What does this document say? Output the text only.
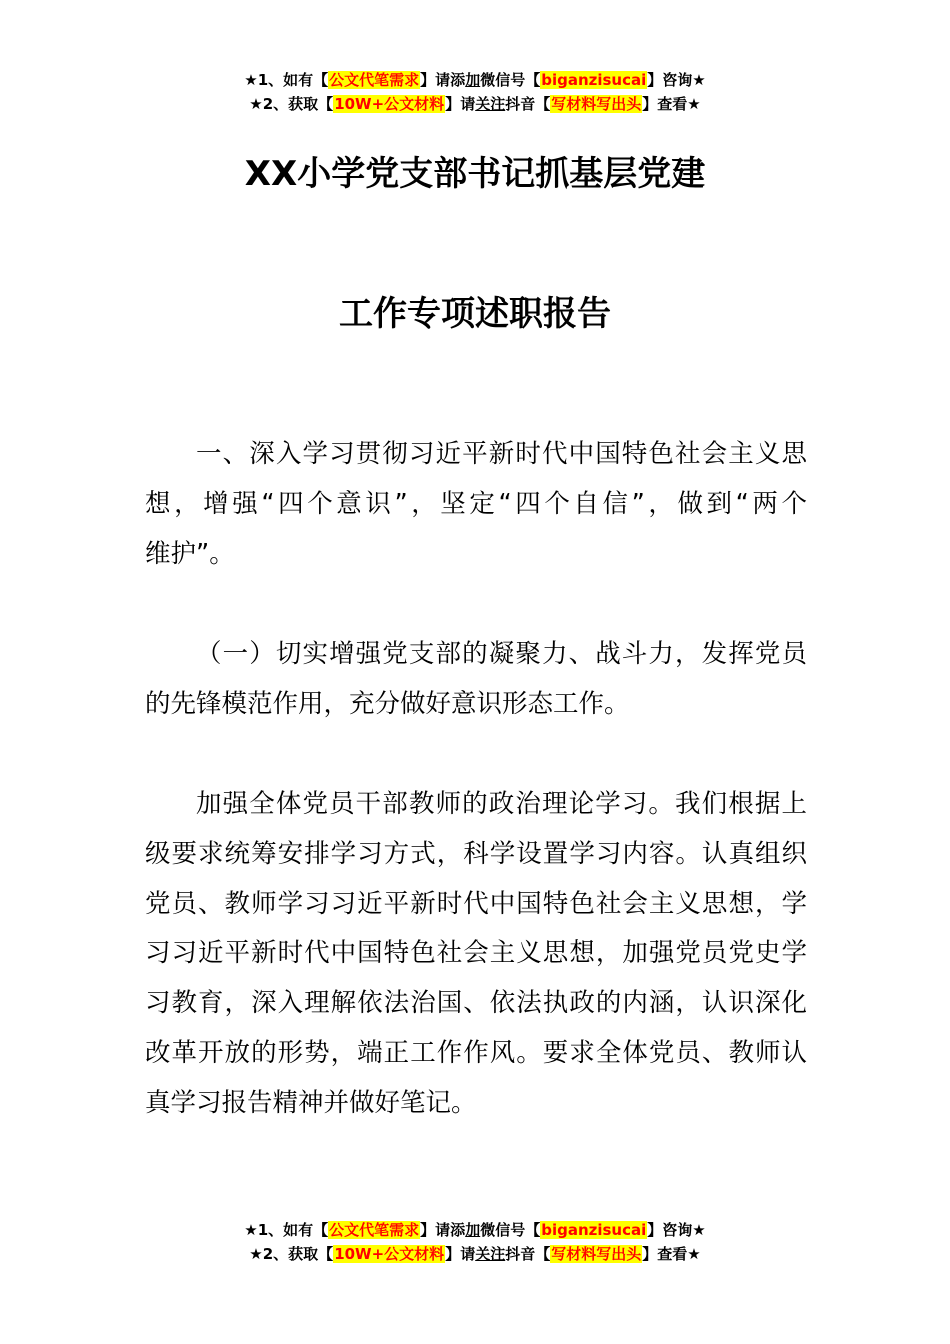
★1、如有【公文代笔需求】请添加微信号【biganzisucai】咨询★
★2、获取【10W+公文材料】请关注抖音【写材料写出头】查看★
XX小学党支部书记抓基层党建
工作专项述职报告
一、深入学习贯彻习近平新时代中国特色社会主义思
想，增强“四个意识”，坚定“四个自信”，做到“两个
维护”。
（一）切实增强党支部的凝聚力、战斗力，发挥党员
的先锋模范作用，充分做好意识形态工作。
加强全体党员干部教师的政治理论学习。我们根据上
级要求统筹安排学习方式，科学设置学习内容。认真组织
党员、教师学习习近平新时代中国特色社会主义思想，学
习习近平新时代中国特色社会主义思想，加强党员党史学
习教育，深入理解依法治国、依法执政的内涵，认识深化
改革开放的形势，端正工作作风。要求全体党员、教师认
真学习报告精神并做好笔记。
★1、如有【公文代笔需求】请添加微信号【biganzisucai】咨询★
★2、获取【10W+公文材料】请关注抖音【写材料写出头】查看★
